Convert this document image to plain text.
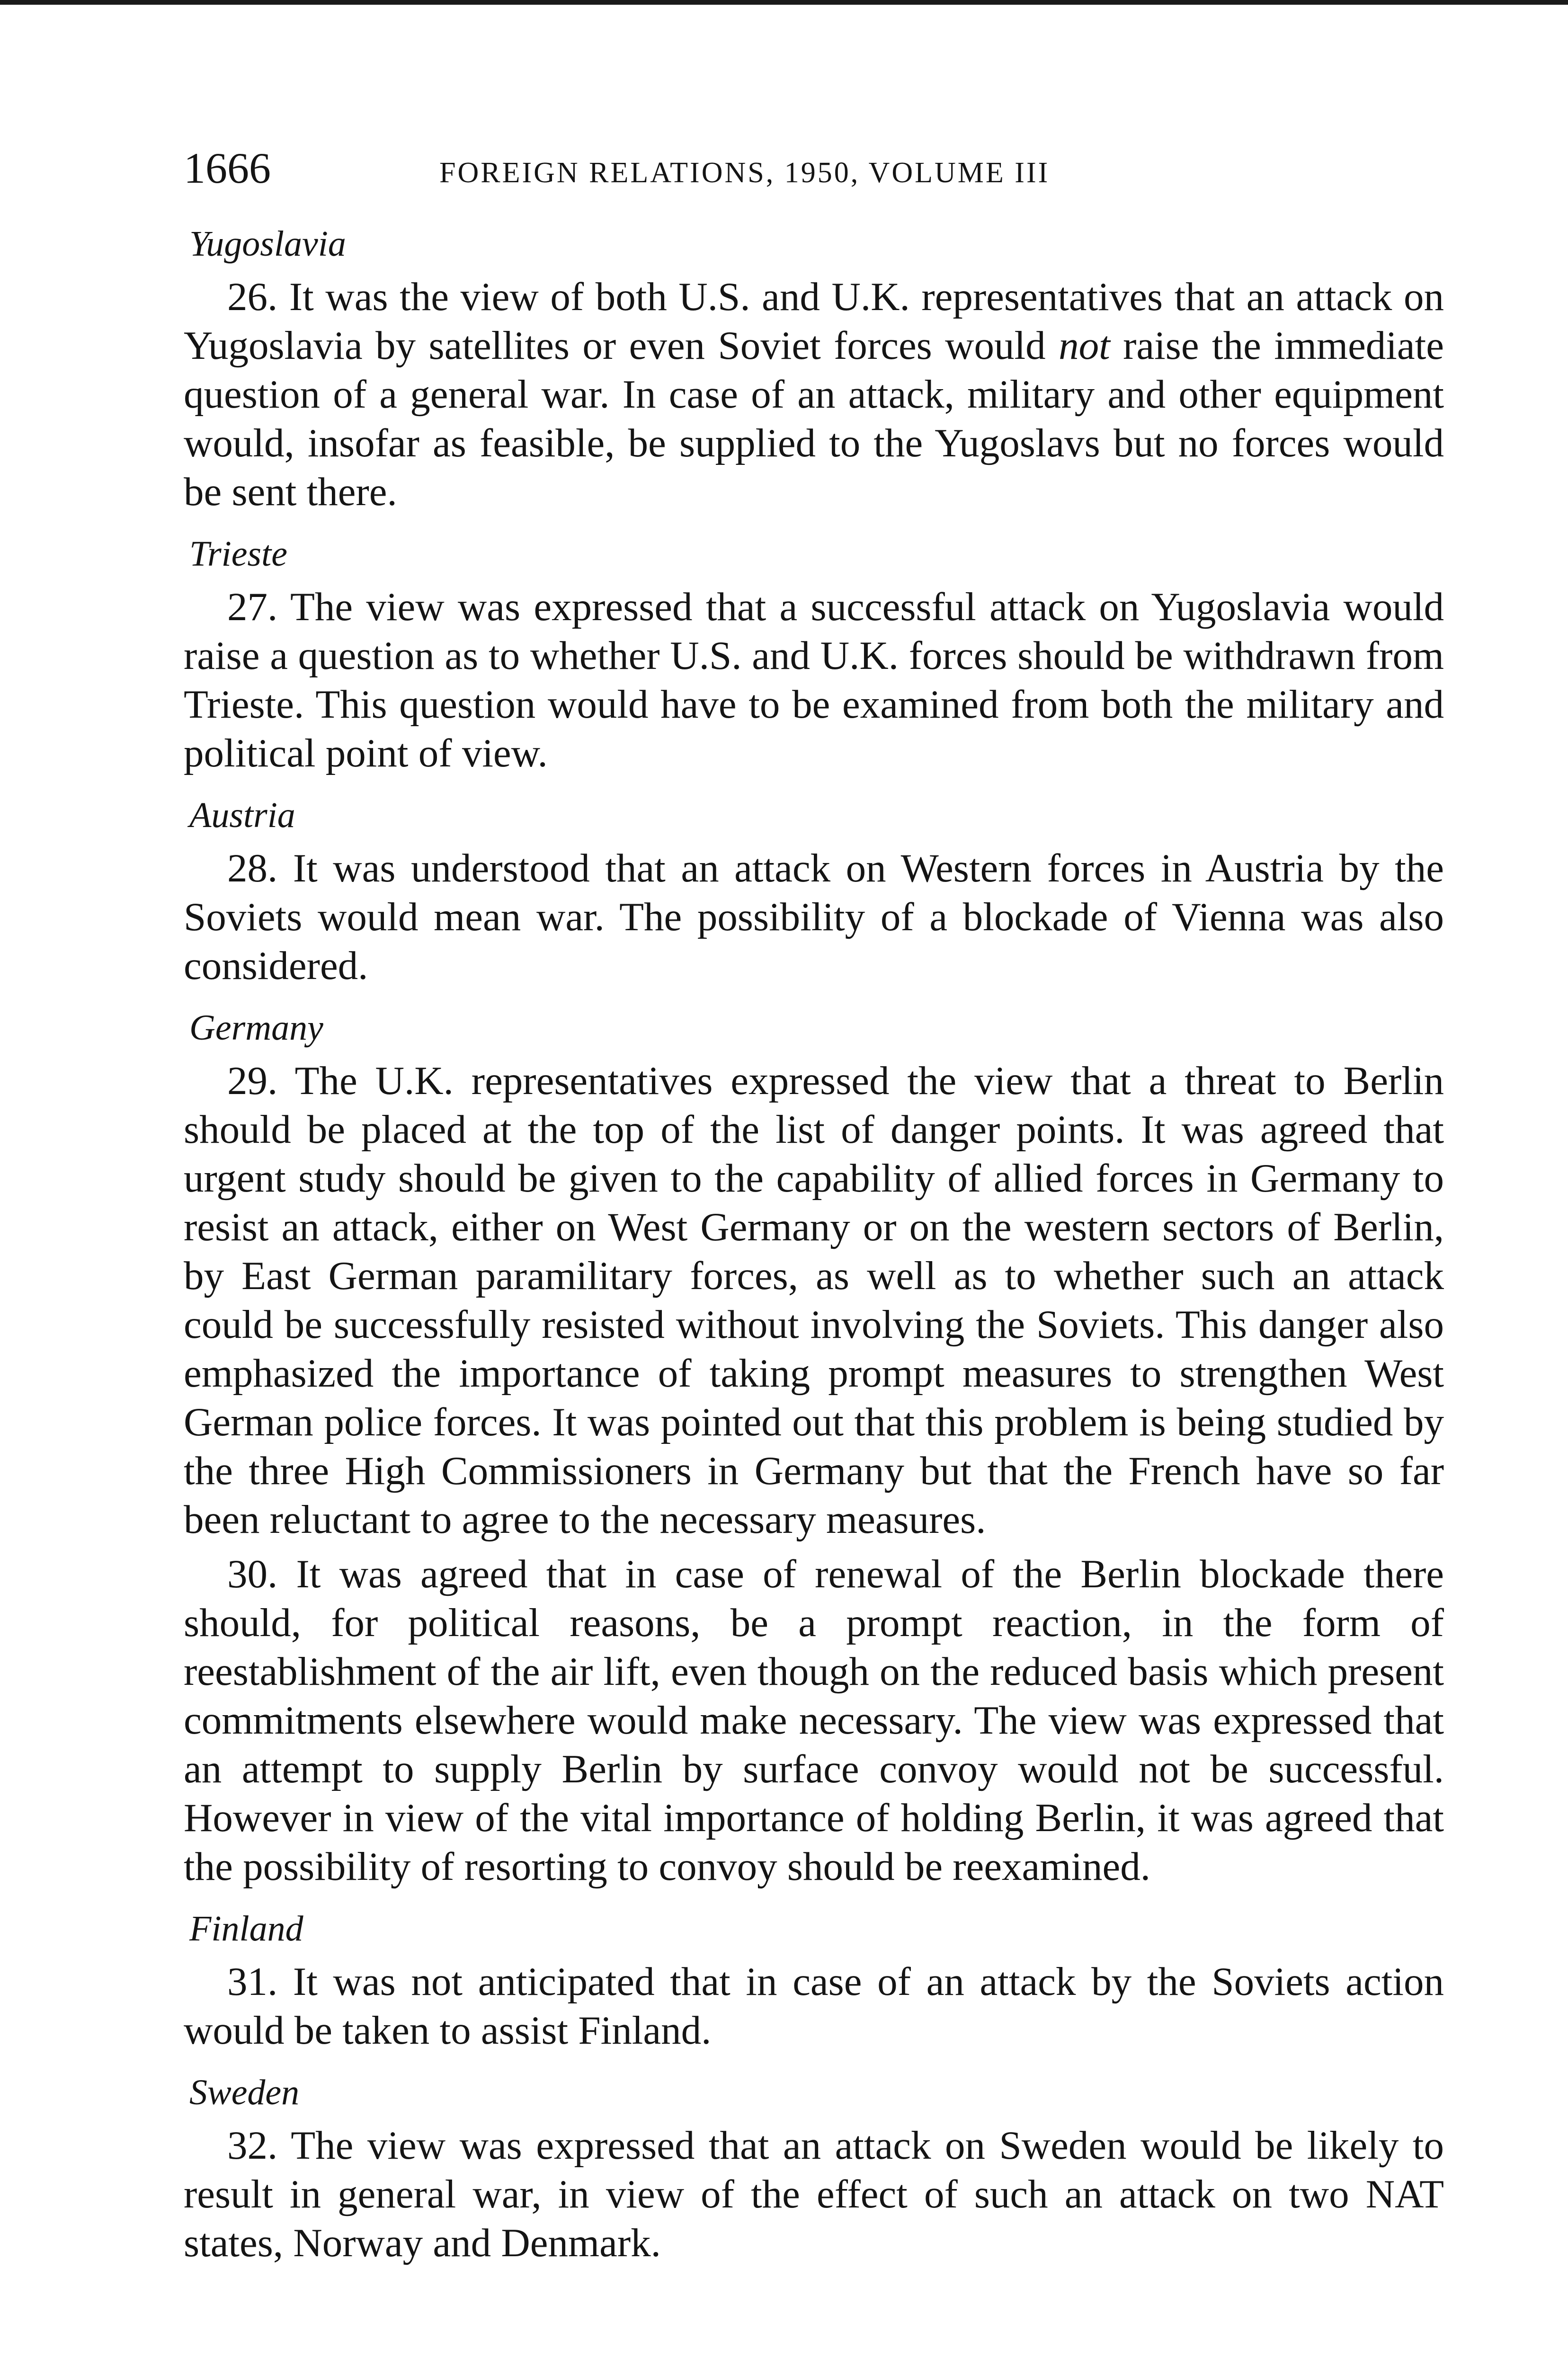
1666	FOREIGN RELATIONS, 1950, VOLUME III
Yugoslavia

26. It was the view of both U.S. and U.K. representatives that an attack on Yugoslavia by satellites or even Soviet forces would not raise the immediate question of a general war. In case of an attack, military and other equipment would, insofar as feasible, be supplied to the Yugoslavs but no forces would be sent there.

Trieste

27. The view was expressed that a successful attack on Yugoslavia would raise a question as to whether U.S. and U.K. forces should be withdrawn from Trieste. This question would have to be examined from both the military and political point of view.

Austria

28. It was understood that an attack on Western forces in Austria by the Soviets would mean war. The possibility of a blockade of Vienna was also considered.

Germany

29. The U.K. representatives expressed the view that a threat to Berlin should be placed at the top of the list of danger points. It was agreed that urgent study should be given to the capability of allied forces in Germany to resist an attack, either on West Germany or on the western sectors of Berlin, by East German paramilitary forces, as well as to whether such an attack could be successfully resisted without involving the Soviets. This danger also emphasized the importance of taking prompt measures to strengthen West German police forces. It was pointed out that this problem is being studied by the three High Commissioners in Germany but that the French have so far been reluctant to agree to the necessary measures.

30. It was agreed that in case of renewal of the Berlin blockade there should, for political reasons, be a prompt reaction, in the form of reestablishment of the air lift, even though on the reduced basis which present commitments elsewhere would make necessary. The view was expressed that an attempt to supply Berlin by surface convoy would not be successful. However in view of the vital importance of holding Berlin, it was agreed that the possibility of resorting to convoy should be reexamined.

Finland

31. It was not anticipated that in case of an attack by the Soviets action would be taken to assist Finland.

Sweden

32. The view was expressed that an attack on Sweden would be likely to result in general war, in view of the effect of such an attack on two NAT states, Norway and Denmark.
